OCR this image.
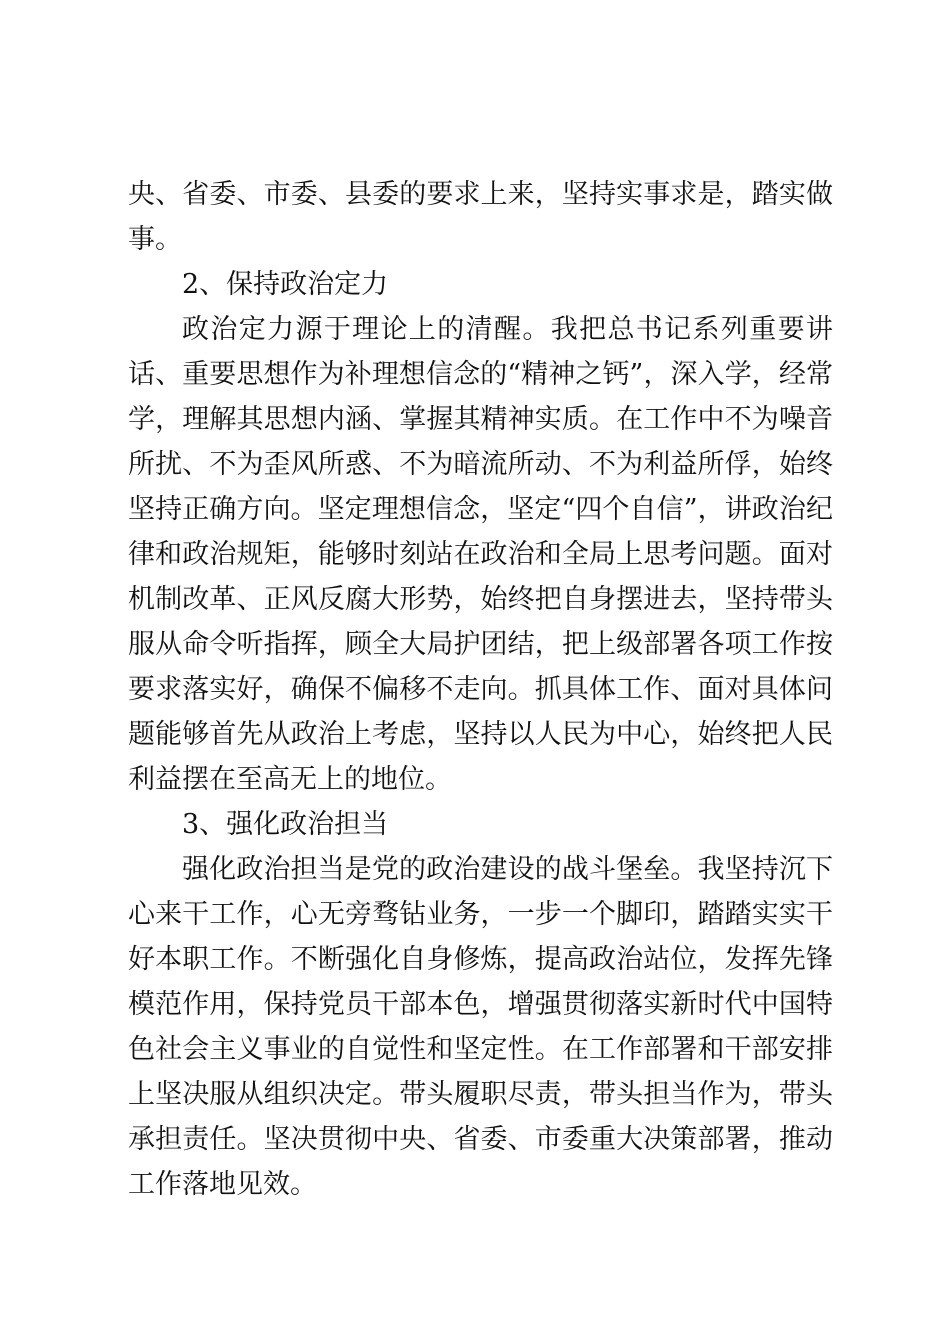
央、省委、市委、县委的要求上来，坚持实事求是，踏实做事。

2、保持政治定力

政治定力源于理论上的清醒。我把总书记系列重要讲话、重要思想作为补理想信念的“精神之钙”，深入学，经常学，理解其思想内涵、掌握其精神实质。在工作中不为噪音所扰、不为歪风所惑、不为暗流所动、不为利益所俘，始终坚持正确方向。坚定理想信念，坚定“四个自信”，讲政治纪律和政治规矩，能够时刻站在政治和全局上思考问题。面对机制改革、正风反腐大形势，始终把自身摆进去，坚持带头服从命令听指挥，顾全大局护团结，把上级部署各项工作按要求落实好，确保不偏移不走向。抓具体工作、面对具体问题能够首先从政治上考虑，坚持以人民为中心，始终把人民利益摆在至高无上的地位。

3、强化政治担当

强化政治担当是党的政治建设的战斗堡垒。我坚持沉下心来干工作，心无旁骛钻业务，一步一个脚印，踏踏实实干好本职工作。不断强化自身修炼，提高政治站位，发挥先锋模范作用，保持党员干部本色，增强贯彻落实新时代中国特色社会主义事业的自觉性和坚定性。在工作部署和干部安排上坚决服从组织决定。带头履职尽责，带头担当作为，带头承担责任。坚决贯彻中央、省委、市委重大决策部署，推动工作落地见效。
